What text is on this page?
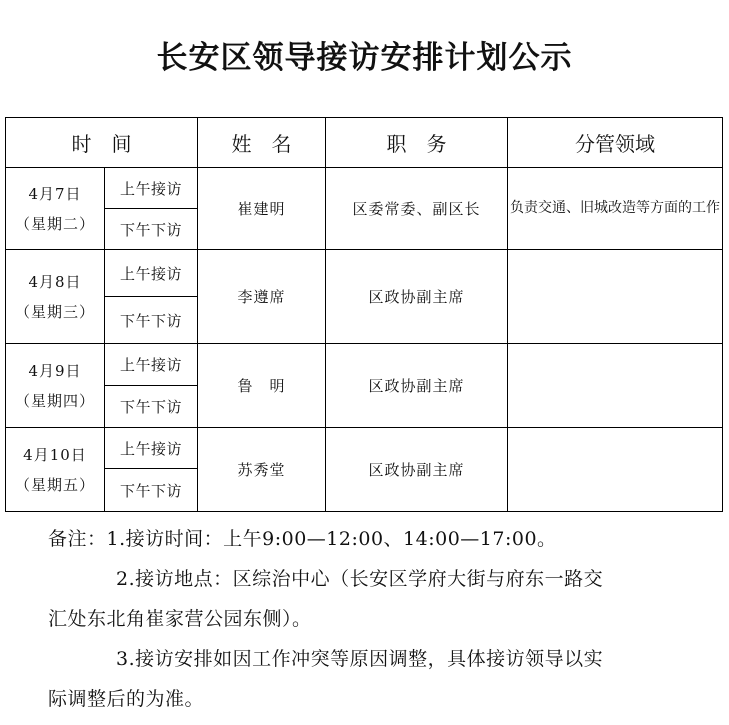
长安区领导接访安排计划公示
时　间		姓　名	职　务	分管领域

4月7日
（星期二）	上午接访	崔建明	区委常委、副区长	负责交通、旧城改造等方面的工作
	下午下访			

4月8日
（星期三）	上午接访	李遵席	区政协副主席	
	下午下访			

4月9日
（星期四）	上午接访	鲁　明	区政协副主席	
	下午下访			

4月10日
（星期五）	上午接访	苏秀堂	区政协副主席	
	下午下访			

备注：1.接访时间：上午9:00—12:00、14:00—17:00。

2.接访地点：区综治中心（长安区学府大街与府东一路交
汇处东北角崔家营公园东侧）。

3.接访安排如因工作冲突等原因调整，具体接访领导以实
际调整后的为准。
